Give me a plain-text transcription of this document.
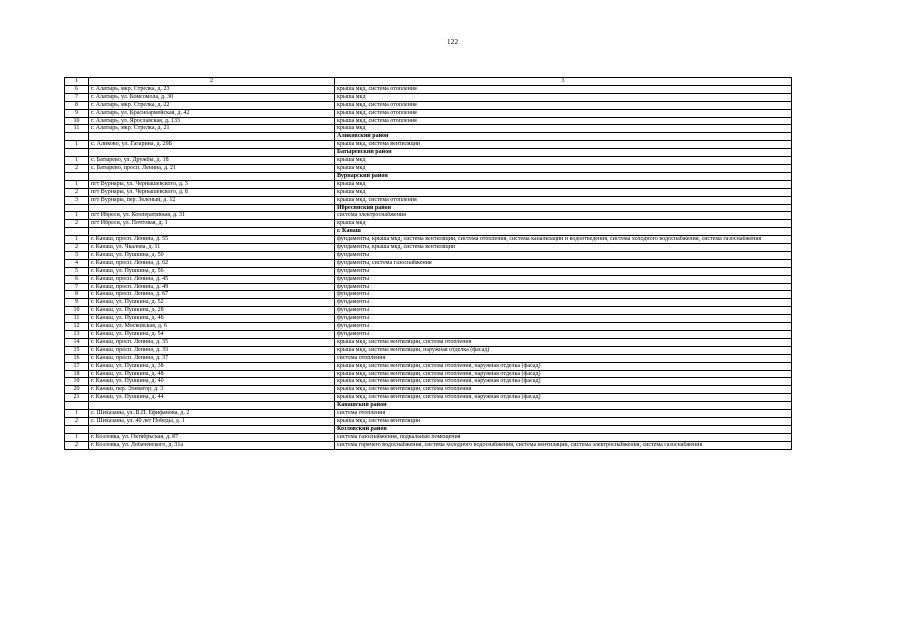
122
1	2	3
6	г. Алатырь, мкр. Стрелка, д. 23	крыша мкд, система отопления
7	г. Алатырь, ул. Комсомола, д. 30	крыша мкд
8	г. Алатырь, мкр. Стрелка, д. 22	крыша мкд, система отопления
9	г. Алатырь, ул. Красноармейская, д. 42	крыша мкд, система отопления
10	г. Алатырь, ул. Ярославская, д. 133	крыша мкд, система отопления
11	г. Алатырь, мкр. Стрелка, д. 21	крыша мкд
		Аликовский район
1	с. Аликово, ул. Гагарина, д. 29Б	крыша мкд, система вентиляции
		Батыревский район
1	с. Батырево, ул. Дружбы, д. 18	крыша мкд
2	с. Батырево, просп. Ленина, д. 21	крыша мкд
		Вурнарский район
1	пгт Вурнары, ул. Чернышевского, д. 3	крыша мкд
2	пгт Вурнары, ул. Чернышевского, д. 8	крыша мкд
3	пгт Вурнары, пер. Зеленый, д. 12	крыша мкд, система отопления
		Ибресинский район
1	пгт Ибреси, ул. Кооперативная, д. 31	система электроснабжения
2	пгт Ибреси, ул. Почтовая, д. 1	крыша мкд
		г. Канаш
1	г. Канаш, просп. Ленина, д. 55	фундаменты, крыша мкд, система вентиляции, система отопления, система канализации и водоотведения, система холодного водоснабжения, система газоснабжения
2	г. Канаш, ул. Чкалова, д. 11	фундаменты, крыша мкд, система вентиляции
3	г. Канаш, ул. Пушкина, д. 50	фундаменты
4	г. Канаш, просп. Ленина, д. 62	фундаменты, система газоснабжения
5	г. Канаш, ул. Пушкина, д. 56	фундаменты
6	г. Канаш, просп. Ленина, д. 45	фундаменты
7	г. Канаш, просп. Ленина, д. 49	фундаменты
8	г. Канаш, просп. Ленина, д. 67	фундаменты
9	г. Канаш, ул. Пушкина, д. 52	фундаменты
10	г. Канаш, ул. Пушкина, д. 28	фундаменты
11	г. Канаш, ул. Пушкина, д. 46	фундаменты
12	г. Канаш, ул. Московская, д. 6	фундаменты
13	г. Канаш, ул. Пушкина, д. 54	фундаменты
14	г. Канаш, просп. Ленина, д. 35	крыша мкд, система вентиляции, система отопления
15	г. Канаш, просп. Ленина, д. 33	крыша мкд, система вентиляции, наружная отделка (фасад)
16	г. Канаш, просп. Ленина, д. 37	система отопления
17	г. Канаш, ул. Пушкина, д. 38	крыша мкд, система вентиляции, система отопления, наружная отделка (фасад)
18	г. Канаш, ул. Пушкина, д. 48	крыша мкд, система вентиляции, система отопления, наружная отделка (фасад)
19	г. Канаш, ул. Пушкина, д. 40	крыша мкд, система вентиляции, система отопления, наружная отделка (фасад)
20	г. Канаш, пер. Элеватор, д. 3	крыша мкд, система вентиляции, система отопления
21	г. Канаш, ул. Пушкина, д. 44	крыша мкд, система вентиляции, система отопления, наружная отделка (фасад)
		Канашский район
1	с. Шихазаны, ул. В.П. Ефифанова, д. 2	система отопления
2	с. Шихазаны, ул. 40 лет Победы, д. 1	крыша мкд, система вентиляции
		Козловский район
1	г. Козловка, ул. Октябрьская, д. 87	система газоснабжения, подвальные помещения
2	г. Козловка, ул. Лобачевского, д. 31а	система горячего водоснабжения, система холодного водоснабжения, система вентиляции, система электроснабжения, система газоснабжения
